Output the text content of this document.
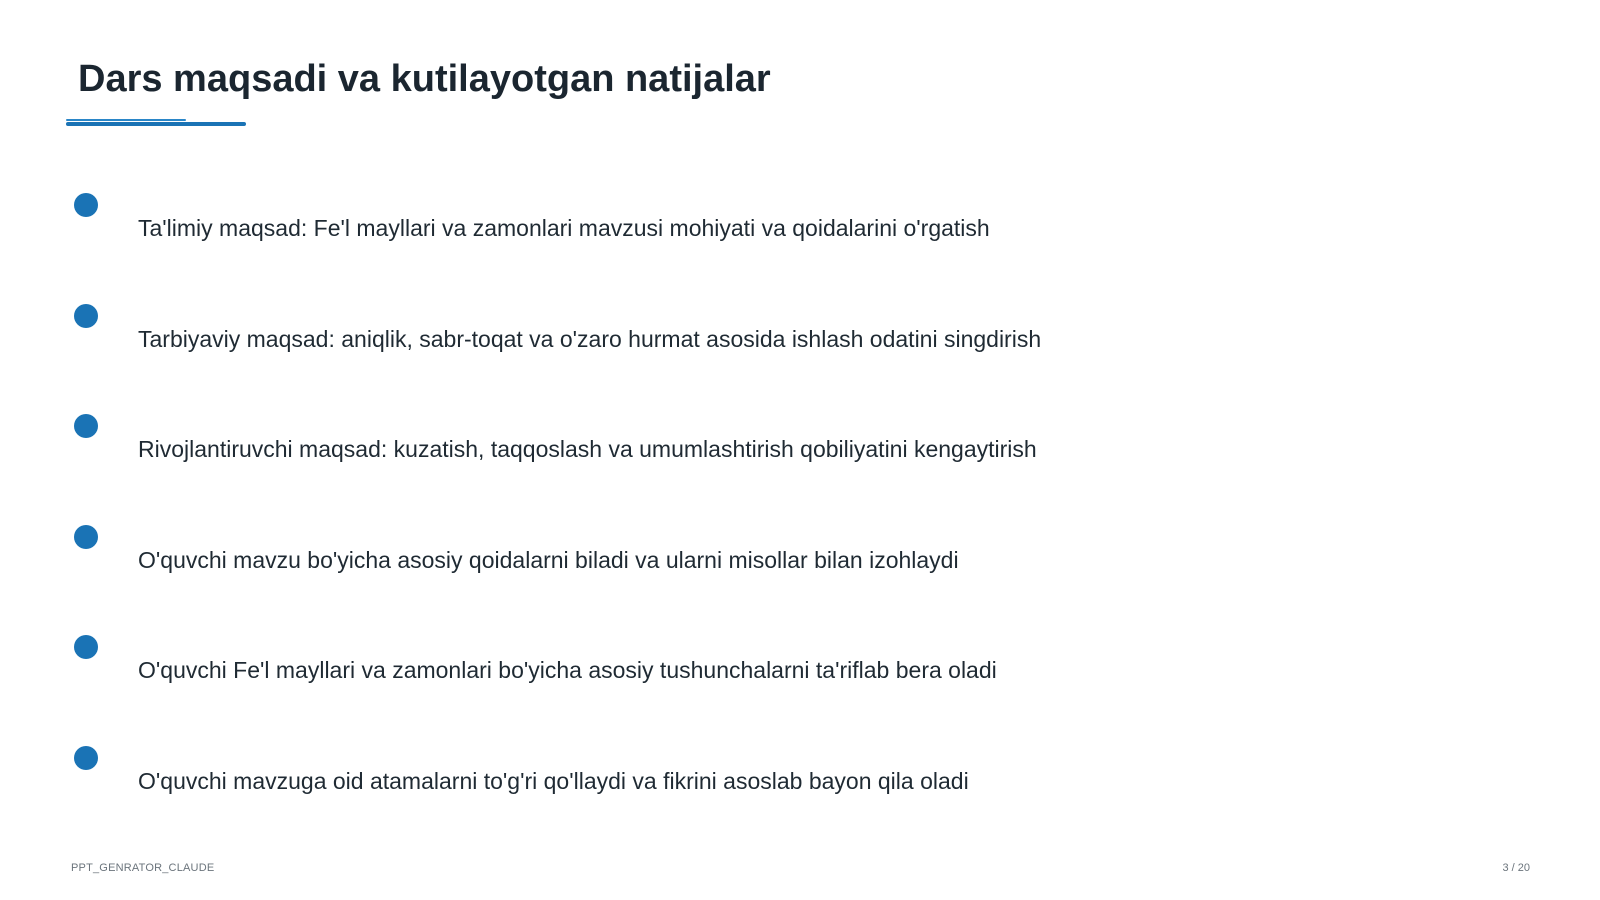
Dars maqsadi va kutilayotgan natijalar
Ta'limiy maqsad: Fe'l mayllari va zamonlari mavzusi mohiyati va qoidalarini o'rgatish
Tarbiyaviy maqsad: aniqlik, sabr-toqat va o'zaro hurmat asosida ishlash odatini singdirish
Rivojlantiruvchi maqsad: kuzatish, taqqoslash va umumlashtirish qobiliyatini kengaytirish
O'quvchi mavzu bo'yicha asosiy qoidalarni biladi va ularni misollar bilan izohlaydi
O'quvchi Fe'l mayllari va zamonlari bo'yicha asosiy tushunchalarni ta'riflab bera oladi
O'quvchi mavzuga oid atamalarni to'g'ri qo'llaydi va fikrini asoslab bayon qila oladi
PPT_GENRATOR_CLAUDE	3 / 20
